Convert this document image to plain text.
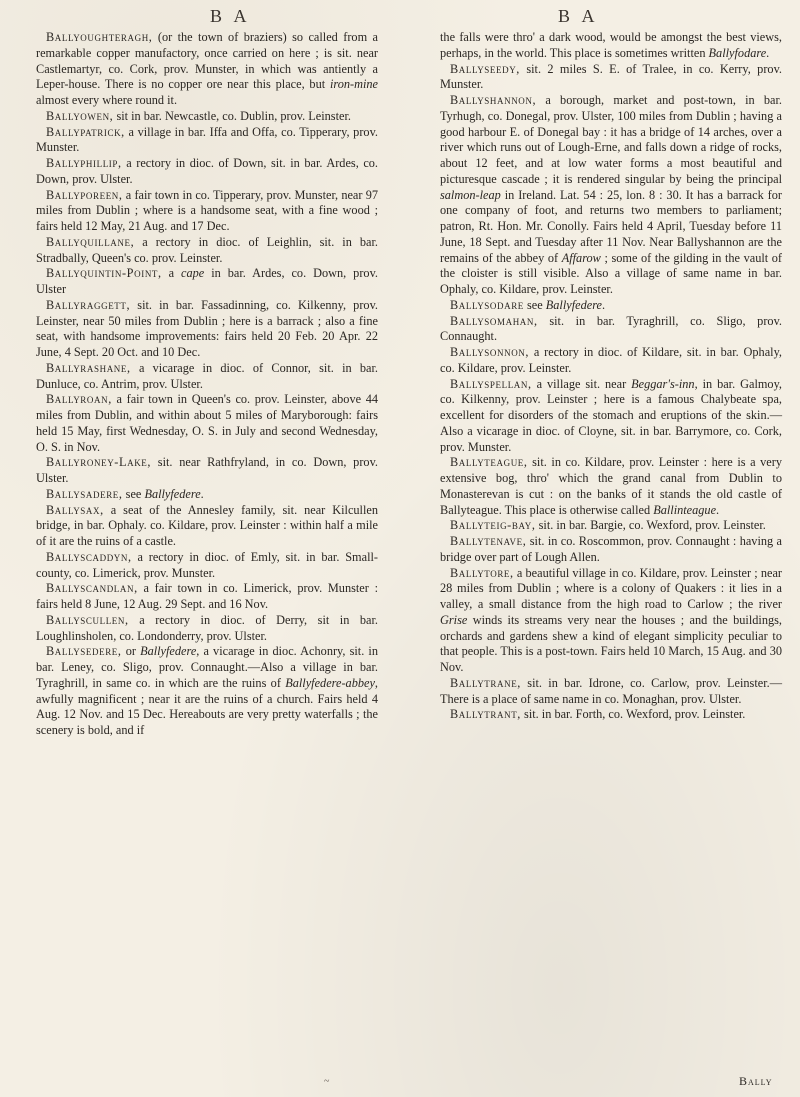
B A	B A

Ballyoughteragh, (or the town of braziers) so called from a remarkable copper manufactory, once carried on here ; is sit. near Castlemartyr, co. Cork, prov. Munster, in which was antiently a Leper-house. There is no copper ore near this place, but iron-mine almost every where round it.

Ballyowen, sit in bar. Newcastle, co. Dublin, prov. Leinster.

Ballypatrick, a village in bar. Iffa and Offa, co. Tipperary, prov. Munster.

Ballyphillip, a rectory in dioc. of Down, sit. in bar. Ardes, co. Down, prov. Ulster.

Ballyporeen, a fair town in co. Tipperary, prov. Munster, near 97 miles from Dublin ; where is a handsome seat, with a fine wood ; fairs held 12 May, 21 Aug. and 17 Dec.

Ballyquillane, a rectory in dioc. of Leighlin, sit. in bar. Stradbally, Queen's co. prov. Leinster.

Ballyquintin-Point, a cape in bar. Ardes, co. Down, prov. Ulster

Ballyraggett, sit. in bar. Fassadinning, co. Kilkenny, prov. Leinster, near 50 miles from Dublin ; here is a barrack ; also a fine seat, with handsome improvements: fairs held 20 Feb. 20 Apr. 22 June, 4 Sept. 20 Oct. and 10 Dec.

Ballyrashane, a vicarage in dioc. of Connor, sit. in bar. Dunluce, co. Antrim, prov. Ulster.

Ballyroan, a fair town in Queen's co. prov. Leinster, above 44 miles from Dublin, and within about 5 miles of Maryborough: fairs held 15 May, first Wednesday, O. S. in July and second Wednesday, O. S. in Nov.

Ballyroney-Lake, sit. near Rathfryland, in co. Down, prov. Ulster.

Ballysadere, see Ballyfedere.

Ballysax, a seat of the Annesley family, sit. near Kilcullen bridge, in bar. Ophaly. co. Kildare, prov. Leinster : within half a mile of it are the ruins of a castle.

Ballyscaddyn, a rectory in dioc. of Emly, sit. in bar. Small-county, co. Limerick, prov. Munster.

Ballyscandlan, a fair town in co. Limerick, prov. Munster : fairs held 8 June, 12 Aug. 29 Sept. and 16 Nov.

Ballyscullen, a rectory in dioc. of Derry, sit in bar. Loughlinsholen, co. Londonderry, prov. Ulster.

Ballysedere, or Ballyfedere, a vicarage in dioc. Achonry, sit. in bar. Leney, co. Sligo, prov. Connaught.—Also a village in bar. Tyraghrill, in same co. in which are the ruins of Ballyfedere-abbey, awfully magnificent ; near it are the ruins of a church. Fairs held 4 Aug. 12 Nov. and 15 Dec. Hereabouts are very pretty waterfalls ; the scenery is bold, and if

the falls were thro' a dark wood, would be amongst the best views, perhaps, in the world. This place is sometimes written Ballyfodare.

Ballyseedy, sit. 2 miles S. E. of Tralee, in co. Kerry, prov. Munster.

Ballyshannon, a borough, market and post-town, in bar. Tyrhugh, co. Donegal, prov. Ulster, 100 miles from Dublin ; having a good harbour E. of Donegal bay : it has a bridge of 14 arches, over a river which runs out of Lough-Erne, and falls down a ridge of rocks, about 12 feet, and at low water forms a most beautiful and picturesque cascade ; it is rendered singular by being the principal salmon-leap in Ireland. Lat. 54 : 25, lon. 8 : 30. It has a barrack for one company of foot, and returns two members to parliament; patron, Rt. Hon. Mr. Conolly. Fairs held 4 April, Tuesday before 11 June, 18 Sept. and Tuesday after 11 Nov. Near Ballyshannon are the remains of the abbey of Affarow ; some of the gilding in the vault of the cloister is still visible. Also a village of same name in bar. Ophaly, co. Kildare, prov. Leinster.

Ballysodare see Ballyfedere.

Ballysomahan, sit. in bar. Tyraghrill, co. Sligo, prov. Connaught.

Ballysonnon, a rectory in dioc. of Kildare, sit. in bar. Ophaly, co. Kildare, prov. Leinster.

Ballyspellan, a village sit. near Beggar's-inn, in bar. Galmoy, co. Kilkenny, prov. Leinster ; here is a famous Chalybeate spa, excellent for disorders of the stomach and eruptions of the skin.—Also a vicarage in dioc. of Cloyne, sit. in bar. Barrymore, co. Cork, prov. Munster.

Ballyteague, sit. in co. Kildare, prov. Leinster : here is a very extensive bog, thro' which the grand canal from Dublin to Monasterevan is cut : on the banks of it stands the old castle of Ballyteague. This place is otherwise called Ballinteague.

Ballyteig-bay, sit. in bar. Bargie, co. Wexford, prov. Leinster.

Ballytenave, sit. in co. Roscommon, prov. Connaught : having a bridge over part of Lough Allen.

Ballytore, a beautiful village in co. Kildare, prov. Leinster ; near 28 miles from Dublin ; where is a colony of Quakers : it lies in a valley, a small distance from the high road to Carlow ; the river Grise winds its streams very near the houses ; and the buildings, orchards and gardens shew a kind of elegant simplicity peculiar to that people. This is a post-town. Fairs held 10 March, 15 Aug. and 30 Nov.

Ballytrane, sit. in bar. Idrone, co. Carlow, prov. Leinster.—There is a place of same name in co. Monaghan, prov. Ulster.

Ballytrant, sit. in bar. Forth, co. Wexford, prov. Leinster.

~	Bally
